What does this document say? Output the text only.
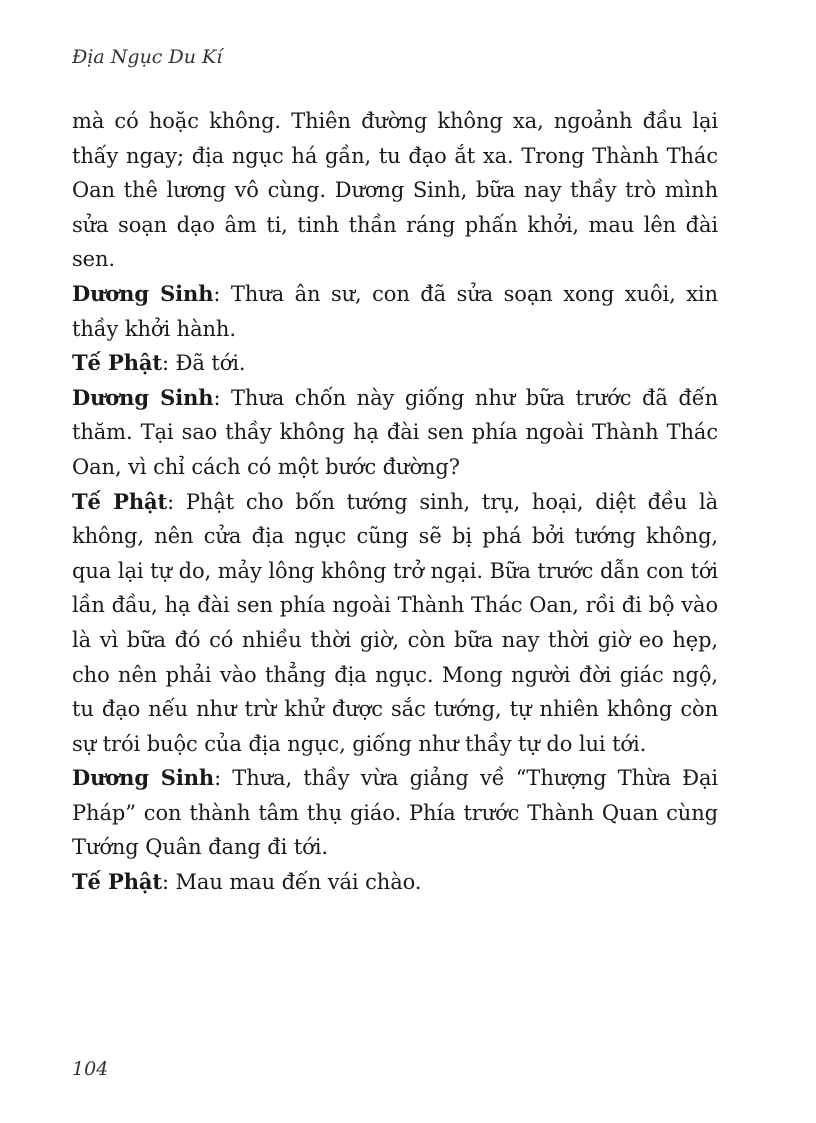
Địa Ngục Du Kí

mà có hoặc không. Thiên đường không xa, ngoảnh đầu lại thấy ngay; địa ngục há gần, tu đạo ắt xa. Trong Thành Thác Oan thê lương vô cùng. Dương Sinh, bữa nay thầy trò mình sửa soạn dạo âm ti, tinh thần ráng phấn khởi, mau lên đài sen.

Dương Sinh: Thưa ân sư, con đã sửa soạn xong xuôi, xin thầy khởi hành.

Tế Phật: Đã tới.

Dương Sinh: Thưa chốn này giống như bữa trước đã đến thăm. Tại sao thầy không hạ đài sen phía ngoài Thành Thác Oan, vì chỉ cách có một bước đường?

Tế Phật: Phật cho bốn tướng sinh, trụ, hoại, diệt đều là không, nên cửa địa ngục cũng sẽ bị phá bởi tướng không, qua lại tự do, mảy lông không trở ngại. Bữa trước dẫn con tới lần đầu, hạ đài sen phía ngoài Thành Thác Oan, rồi đi bộ vào là vì bữa đó có nhiều thời giờ, còn bữa nay thời giờ eo hẹp, cho nên phải vào thẳng địa ngục. Mong người đời giác ngộ, tu đạo nếu như trừ khử được sắc tướng, tự nhiên không còn sự trói buộc của địa ngục, giống như thầy tự do lui tới.

Dương Sinh: Thưa, thầy vừa giảng về “Thượng Thừa Đại Pháp” con thành tâm thụ giáo. Phía trước Thành Quan cùng Tướng Quân đang đi tới.

Tế Phật: Mau mau đến vái chào.

104
